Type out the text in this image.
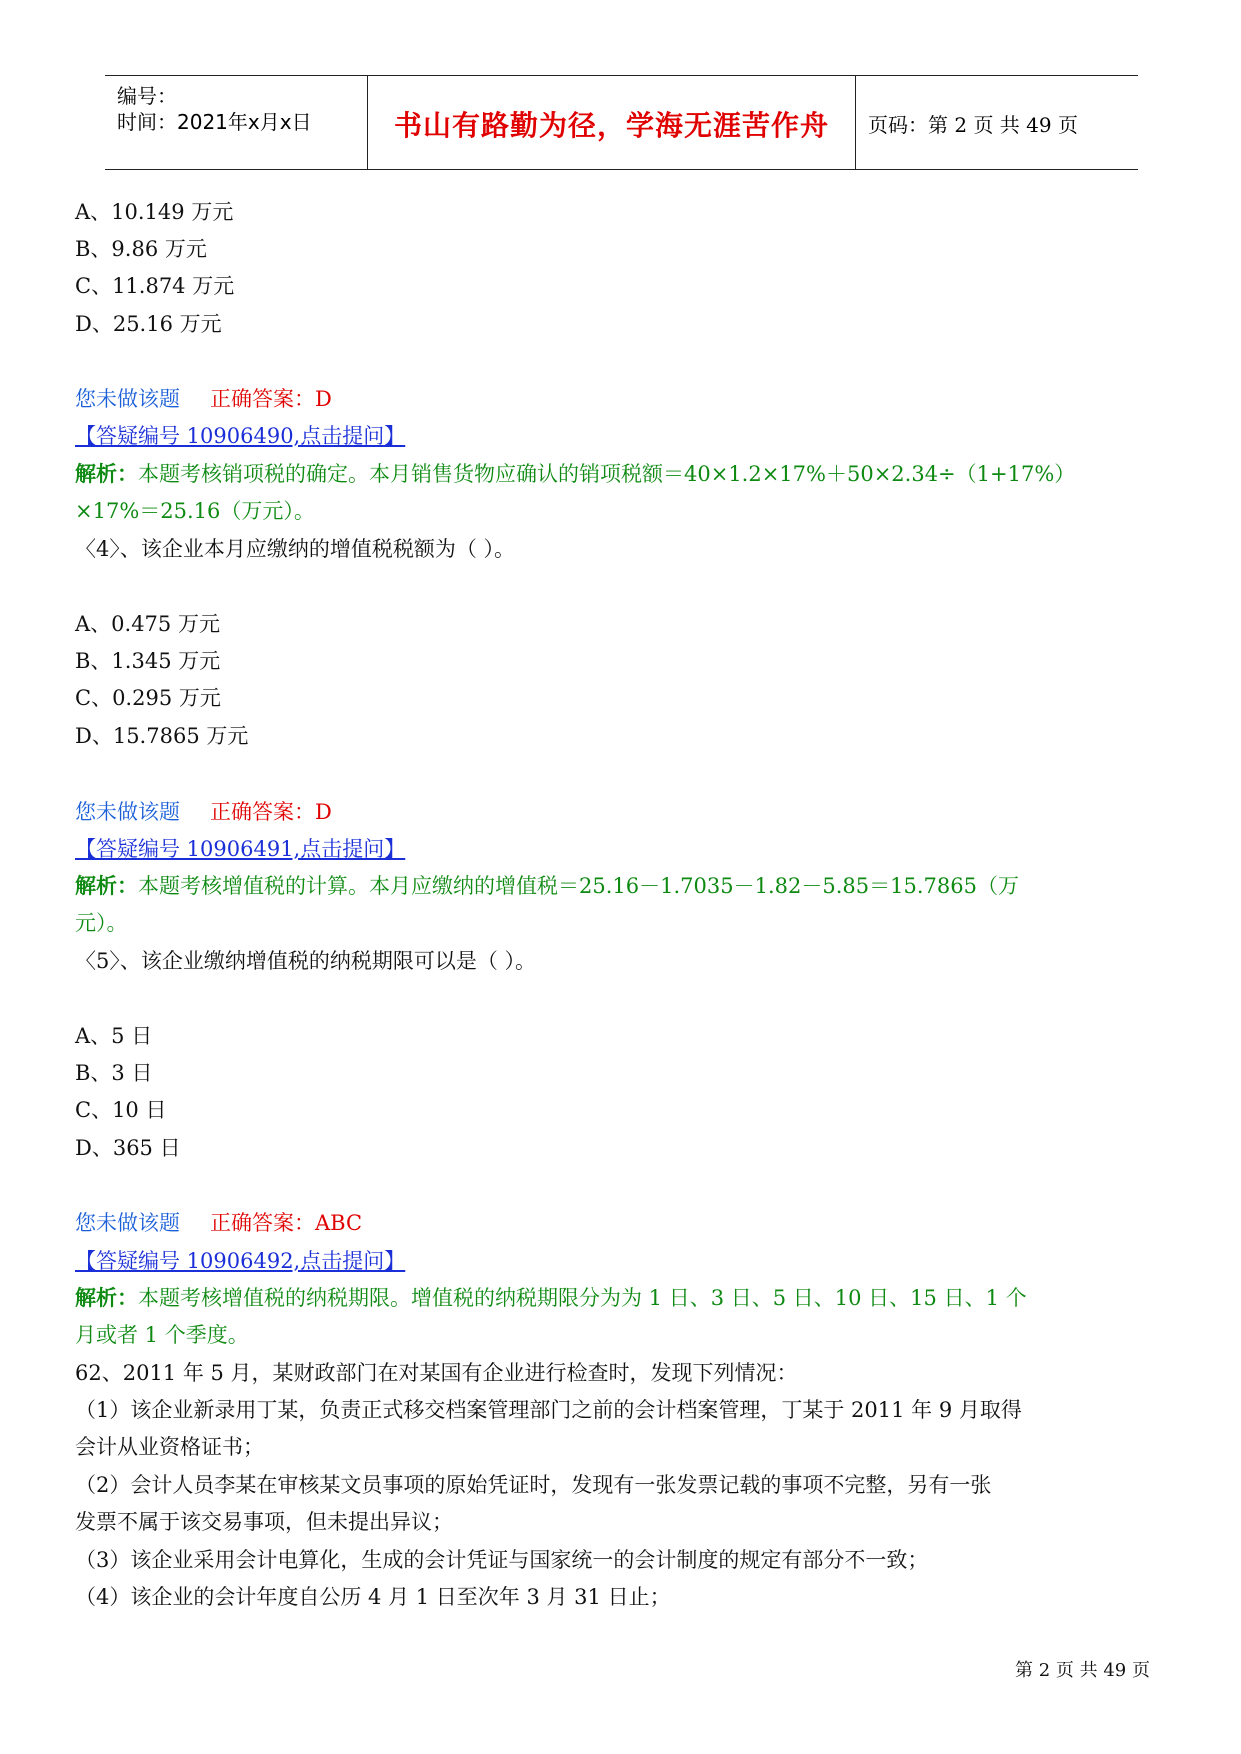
编号：
时间：2021年x月x日	书山有路勤为径，学海无涯苦作舟	页码：第 2 页 共 49 页
A、10.149 万元
B、9.86 万元
C、11.874 万元
D、25.16 万元
您未做该题 正确答案：D
【答疑编号 10906490,点击提问】
解析：本题考核销项税的确定。本月销售货物应确认的销项税额＝40×1.2×17%＋50×2.34÷（1+17%）
×17%＝25.16（万元）。
〈4〉、该企业本月应缴纳的增值税税额为（ ）。
A、0.475 万元
B、1.345 万元
C、0.295 万元
D、15.7865 万元
您未做该题 正确答案：D
【答疑编号 10906491,点击提问】
解析：本题考核增值税的计算。本月应缴纳的增值税＝25.16－1.7035－1.82－5.85＝15.7865（万
元）。
〈5〉、该企业缴纳增值税的纳税期限可以是（ ）。
A、5 日
B、3 日
C、10 日
D、365 日
您未做该题 正确答案：ABC
【答疑编号 10906492,点击提问】
解析：本题考核增值税的纳税期限。增值税的纳税期限分为为 1 日、3 日、5 日、10 日、15 日、1 个
月或者 1 个季度。
62、2011 年 5 月，某财政部门在对某国有企业进行检查时，发现下列情况：
（1）该企业新录用丁某，负责正式移交档案管理部门之前的会计档案管理，丁某于 2011 年 9 月取得
会计从业资格证书；
（2）会计人员李某在审核某文员事项的原始凭证时，发现有一张发票记载的事项不完整，另有一张
发票不属于该交易事项，但未提出异议；
（3）该企业采用会计电算化，生成的会计凭证与国家统一的会计制度的规定有部分不一致；
（4）该企业的会计年度自公历 4 月 1 日至次年 3 月 31 日止；
第 2 页 共 49 页
